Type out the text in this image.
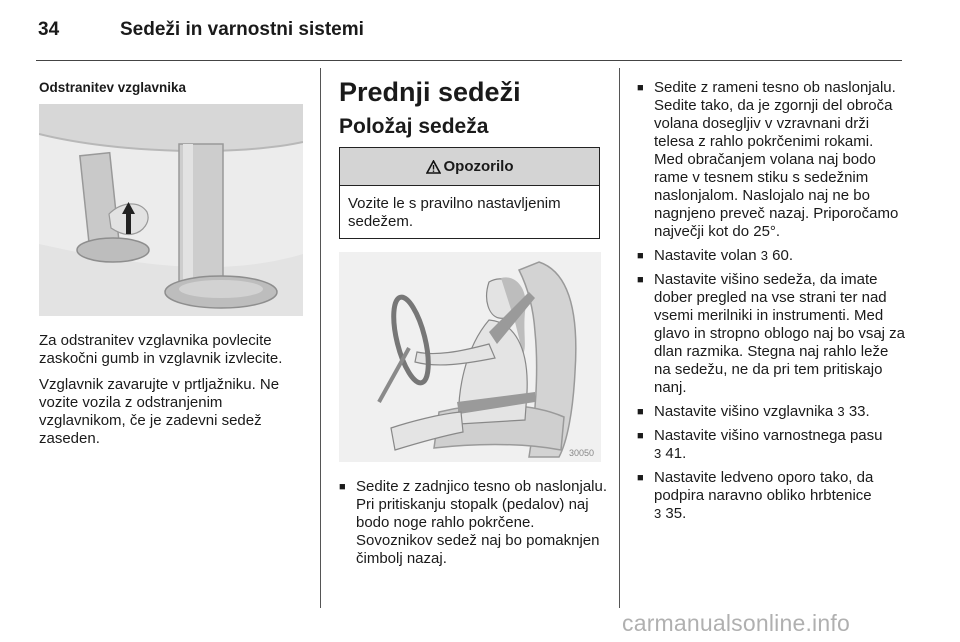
34	Sedeži in varnostni sistemi
Odstranitev vzglavnika

Za odstranitev vzglavnika povlecite zaskočni gumb in vzglavnik izvlecite.

Vzglavnik zavarujte v prtljažniku. Ne vozite vozila z odstranjenim vzglavnikom, če je zadevni sedež zaseden.

Prednji sedeži
Položaj sedeža
Opozorilo
Vozite le s pravilno nastavljenim sedežem.
30050
■ Sedite z zadnjico tesno ob naslonjalu. Pri pritiskanju stopalk (pedalov) naj bodo noge rahlo pokrčene. Sovoznikov sedež naj bo pomaknjen čimbolj nazaj.
■ Sedite z rameni tesno ob naslonjalu. Sedite tako, da je zgornji del obroča volana dosegljiv v vzravnani drži telesa z rahlo pokrčenimi rokami. Med obračanjem volana naj bodo rame v tesnem stiku s sedežnim naslonjalom. Naslojalo naj ne bo nagnjeno preveč nazaj. Priporočamo največji kot do 25°.
■ Nastavite volan 3 60.
■ Nastavite višino sedeža, da imate dober pregled na vse strani ter nad vsemi merilniki in instrumenti. Med glavo in stropno oblogo naj bo vsaj za dlan razmika. Stegna naj rahlo leže na sedežu, ne da pri tem pritiskajo nanj.
■ Nastavite višino vzglavnika 3 33.
■ Nastavite višino varnostnega pasu
3 41.
■ Nastavite ledveno oporo tako, da podpira naravno obliko hrbtenice
3 35.
carmanualsonline.info
